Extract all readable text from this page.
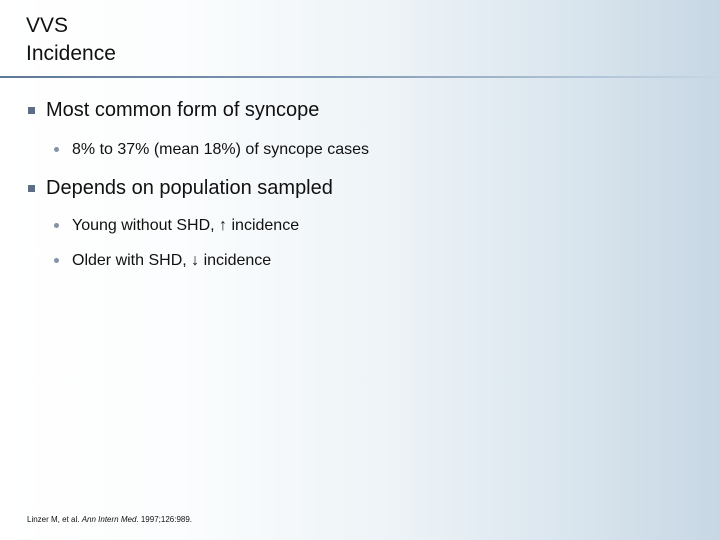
VVS
Incidence
Most common form of syncope
8% to 37% (mean 18%) of syncope cases
Depends on population sampled
Young without SHD, ↑ incidence
Older with SHD, ↓ incidence
Linzer M, et al. Ann Intern Med. 1997;126:989.
